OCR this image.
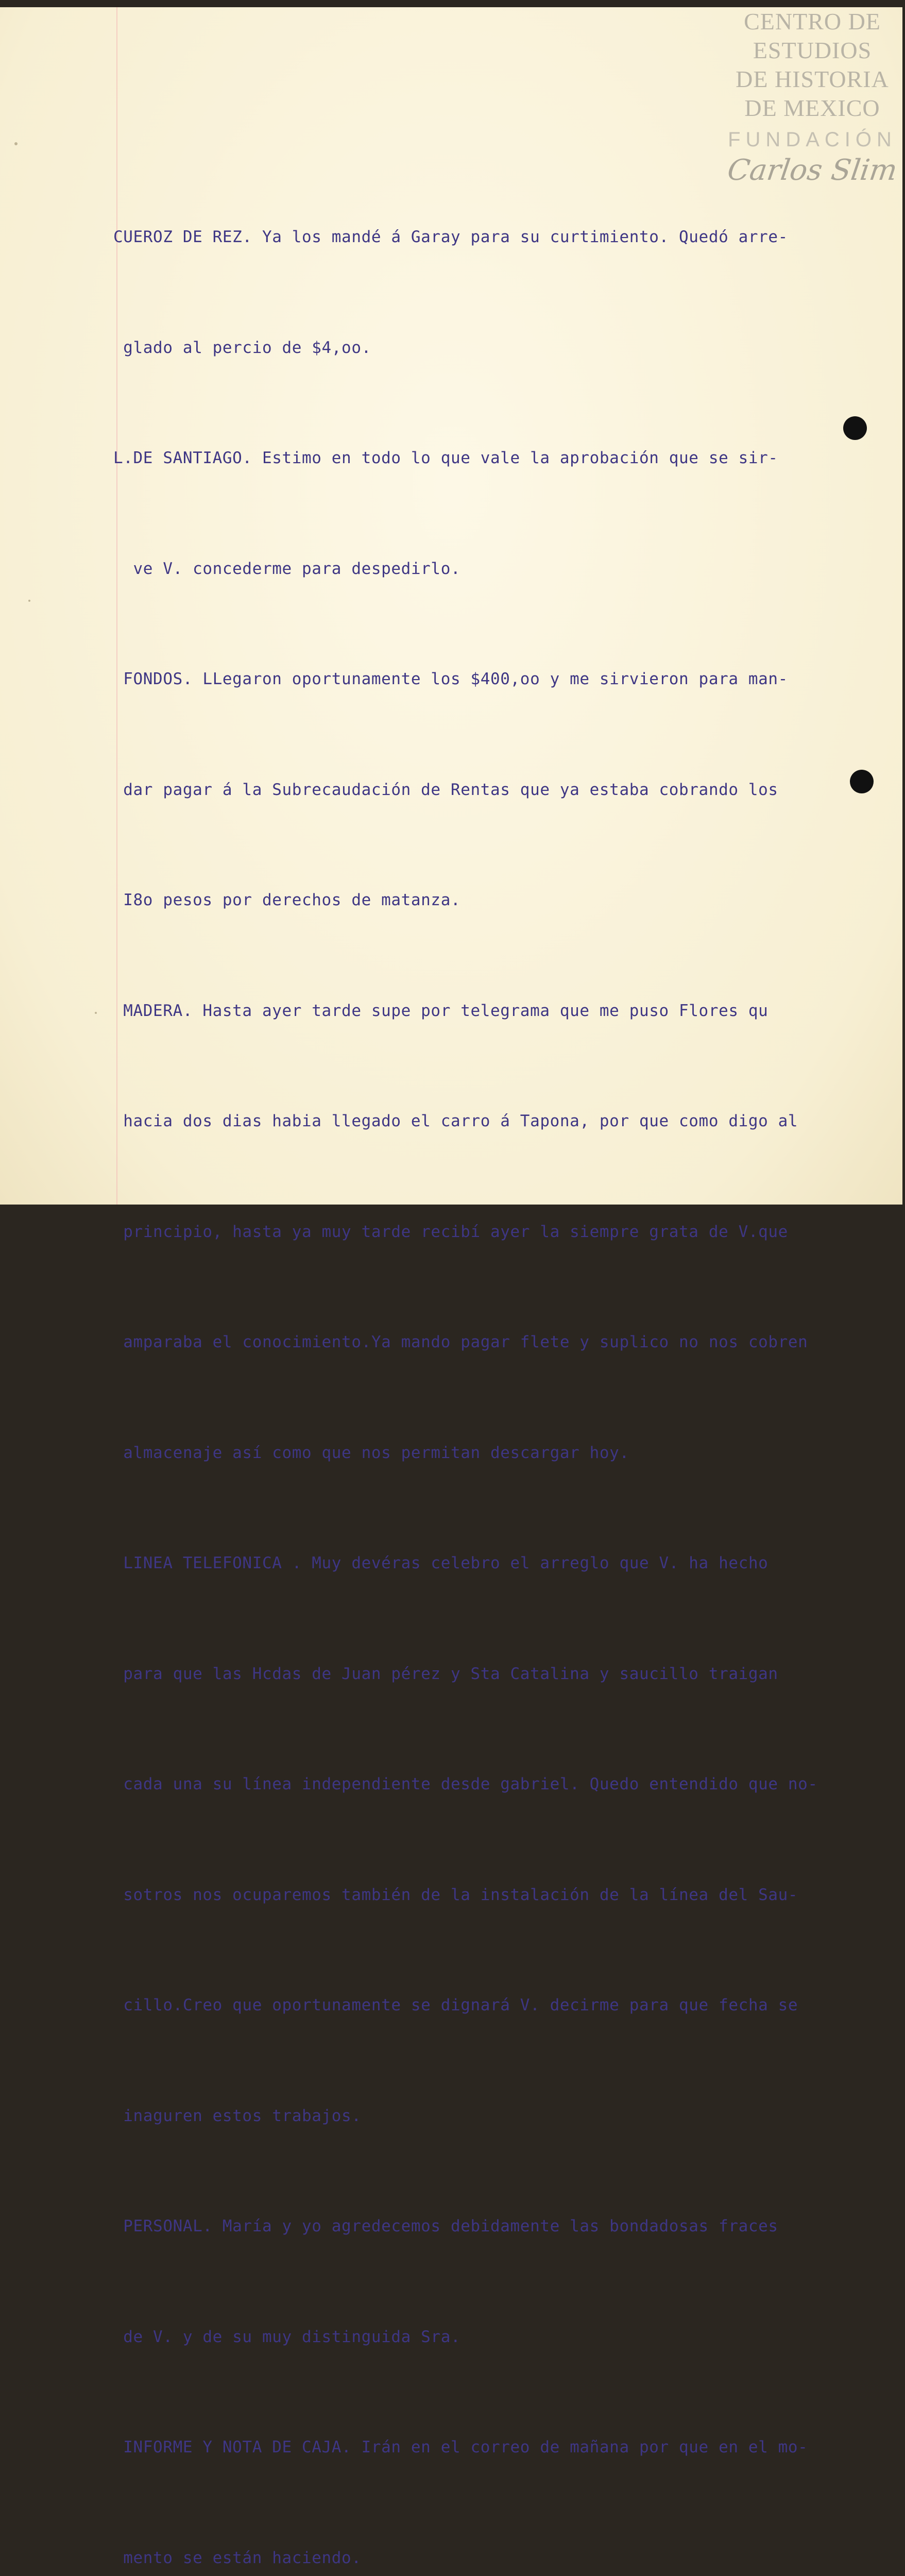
CENTRO DE
ESTUDIOS
DE HISTORIA
DE MEXICO
FUNDACIÓN
Carlos Slim

CUEROZ DE REZ. Ya los mandé á Garay para su curtimiento. Quedó arre-

glado al percio de $4,oo.

L.DE SANTIAGO. Estimo en todo lo que vale la aprobación que se sir-

ve V. concederme para despedirlo.

FONDOS. LLegaron oportunamente los $400,oo y me sirvieron para man-

dar pagar á la Subrecaudación de Rentas que ya estaba cobrando los

I8o pesos por derechos de matanza.

MADERA. Hasta ayer tarde supe por telegrama que me puso Flores qu

hacia dos dias habia llegado el carro á Tapona, por que como digo al

principio, hasta ya muy tarde recibí ayer la siempre grata de V.que

amparaba el conocimiento.Ya mando pagar flete y suplico no nos cobren

almacenaje así como que nos permitan descargar hoy.

LINEA TELEFONICA . Muy devéras celebro el arreglo que V. ha hecho

para que las Hcdas de Juan pérez y Sta Catalina y saucillo traigan

cada una su línea independiente desde gabriel. Quedo entendido que no-

sotros nos ocuparemos también de la instalación de la línea del Sau-

cillo.Creo que oportunamente se dignará V. decirme para que fecha se

inaguren estos trabajos.

PERSONAL. María y yo agredecemos debidamente las bondadosas fraces

de V. y de su muy distinguida Sra.

INFORME Y NOTA DE CAJA. Irán en el correo de mañana por que en el mo-

mento se están haciendo.
